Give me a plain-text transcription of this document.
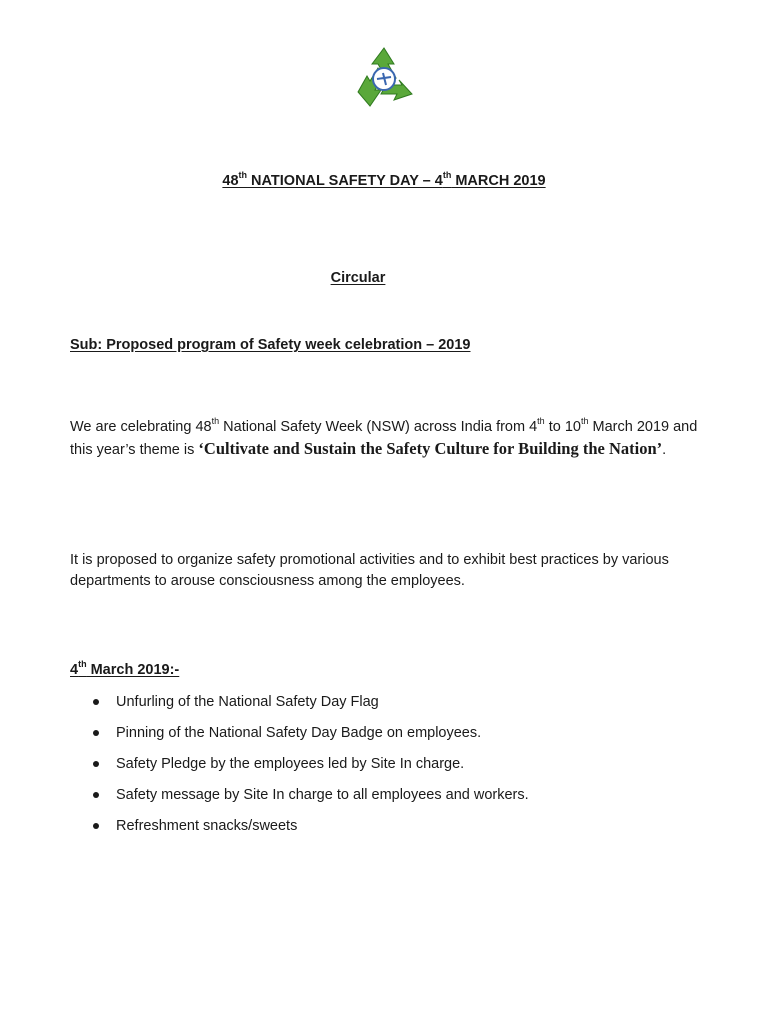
48th NATIONAL SAFETY DAY – 4th MARCH 2019
Circular
Sub: Proposed program of Safety week celebration – 2019
We are celebrating 48th National Safety Week (NSW) across India from 4th to 10th March 2019 and this year’s theme is ‘Cultivate and Sustain the Safety Culture for Building the Nation’.
It is proposed to organize safety promotional activities and to exhibit best practices by various departments to arouse consciousness among the employees.
4th March 2019:-
Unfurling of the National Safety Day Flag
Pinning of the National Safety Day Badge on employees.
Safety Pledge by the employees led by Site In charge.
Safety message by Site In charge to all employees and workers.
Refreshment snacks/sweets
